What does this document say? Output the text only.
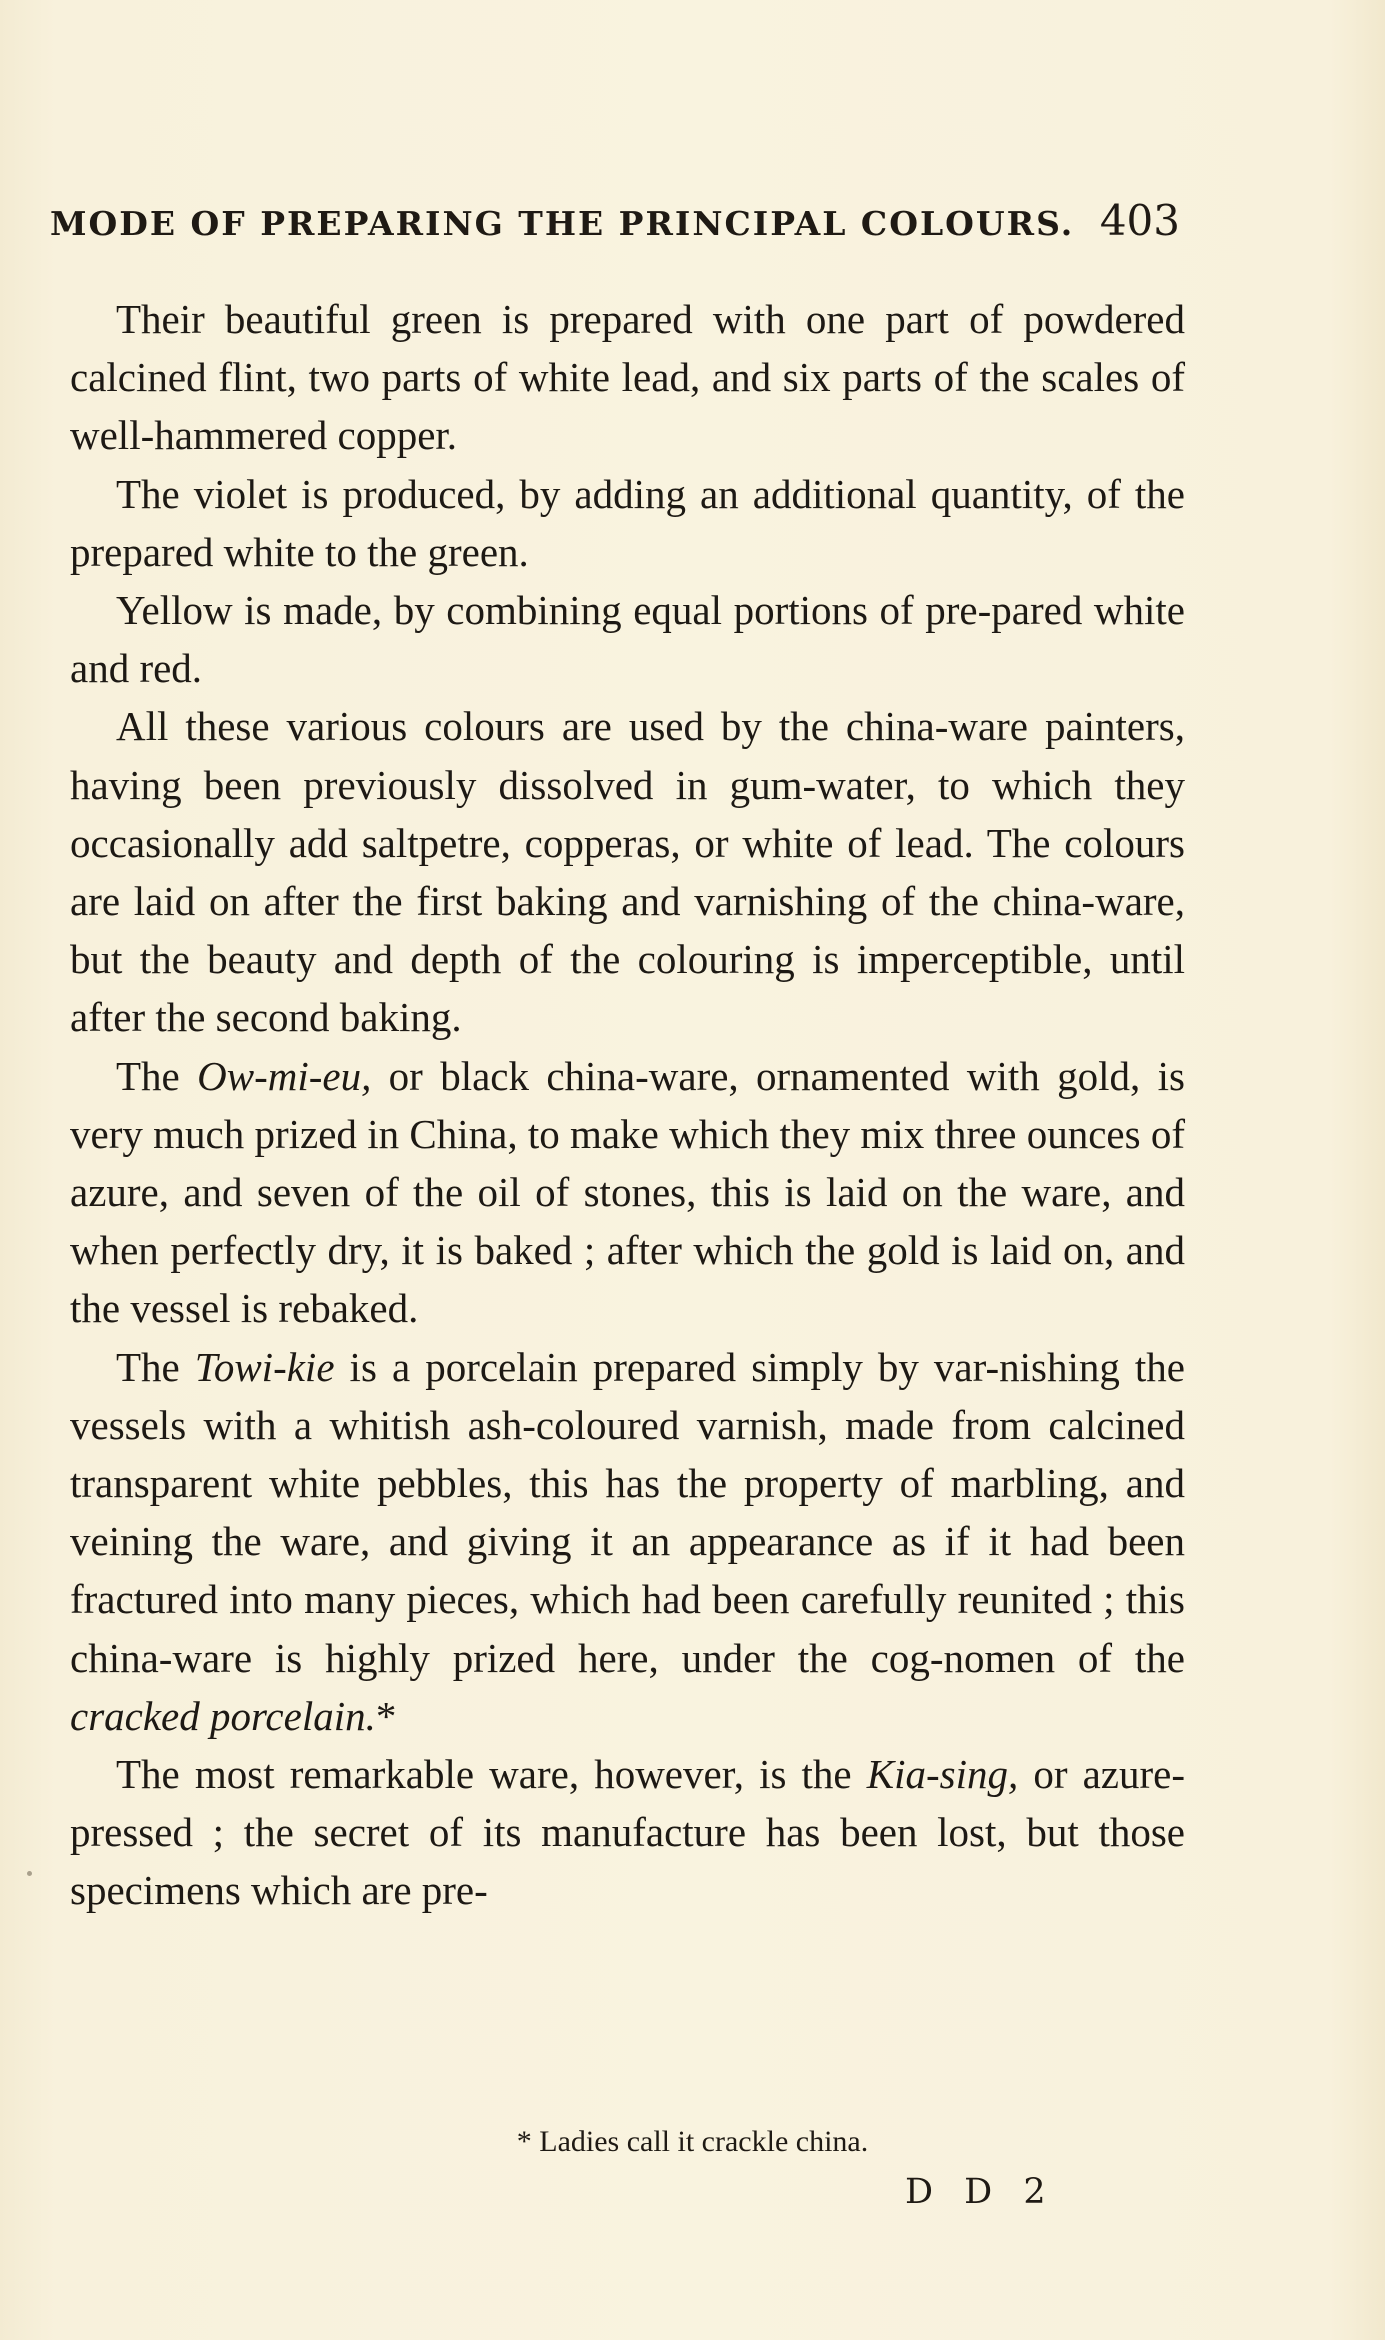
MODE OF PREPARING THE PRINCIPAL COLOURS. 403

Their beautiful green is prepared with one part of powdered calcined flint, two parts of white lead, and six parts of the scales of well-hammered copper.

The violet is produced, by adding an additional quantity, of the prepared white to the green.

Yellow is made, by combining equal portions of pre-pared white and red.

All these various colours are used by the china-ware painters, having been previously dissolved in gum-water, to which they occasionally add saltpetre, copperas, or white of lead. The colours are laid on after the first baking and varnishing of the china-ware, but the beauty and depth of the colouring is imperceptible, until after the second baking.

The Ow-mi-eu, or black china-ware, ornamented with gold, is very much prized in China, to make which they mix three ounces of azure, and seven of the oil of stones, this is laid on the ware, and when perfectly dry, it is baked ; after which the gold is laid on, and the vessel is rebaked.

The Towi-kie is a porcelain prepared simply by var-nishing the vessels with a whitish ash-coloured varnish, made from calcined transparent white pebbles, this has the property of marbling, and veining the ware, and giving it an appearance as if it had been fractured into many pieces, which had been carefully reunited ; this china-ware is highly prized here, under the cog-nomen of the cracked porcelain.*

The most remarkable ware, however, is the Kia-sing, or azure-pressed ; the secret of its manufacture has been lost, but those specimens which are pre-

* Ladies call it crackle china.
D D 2
